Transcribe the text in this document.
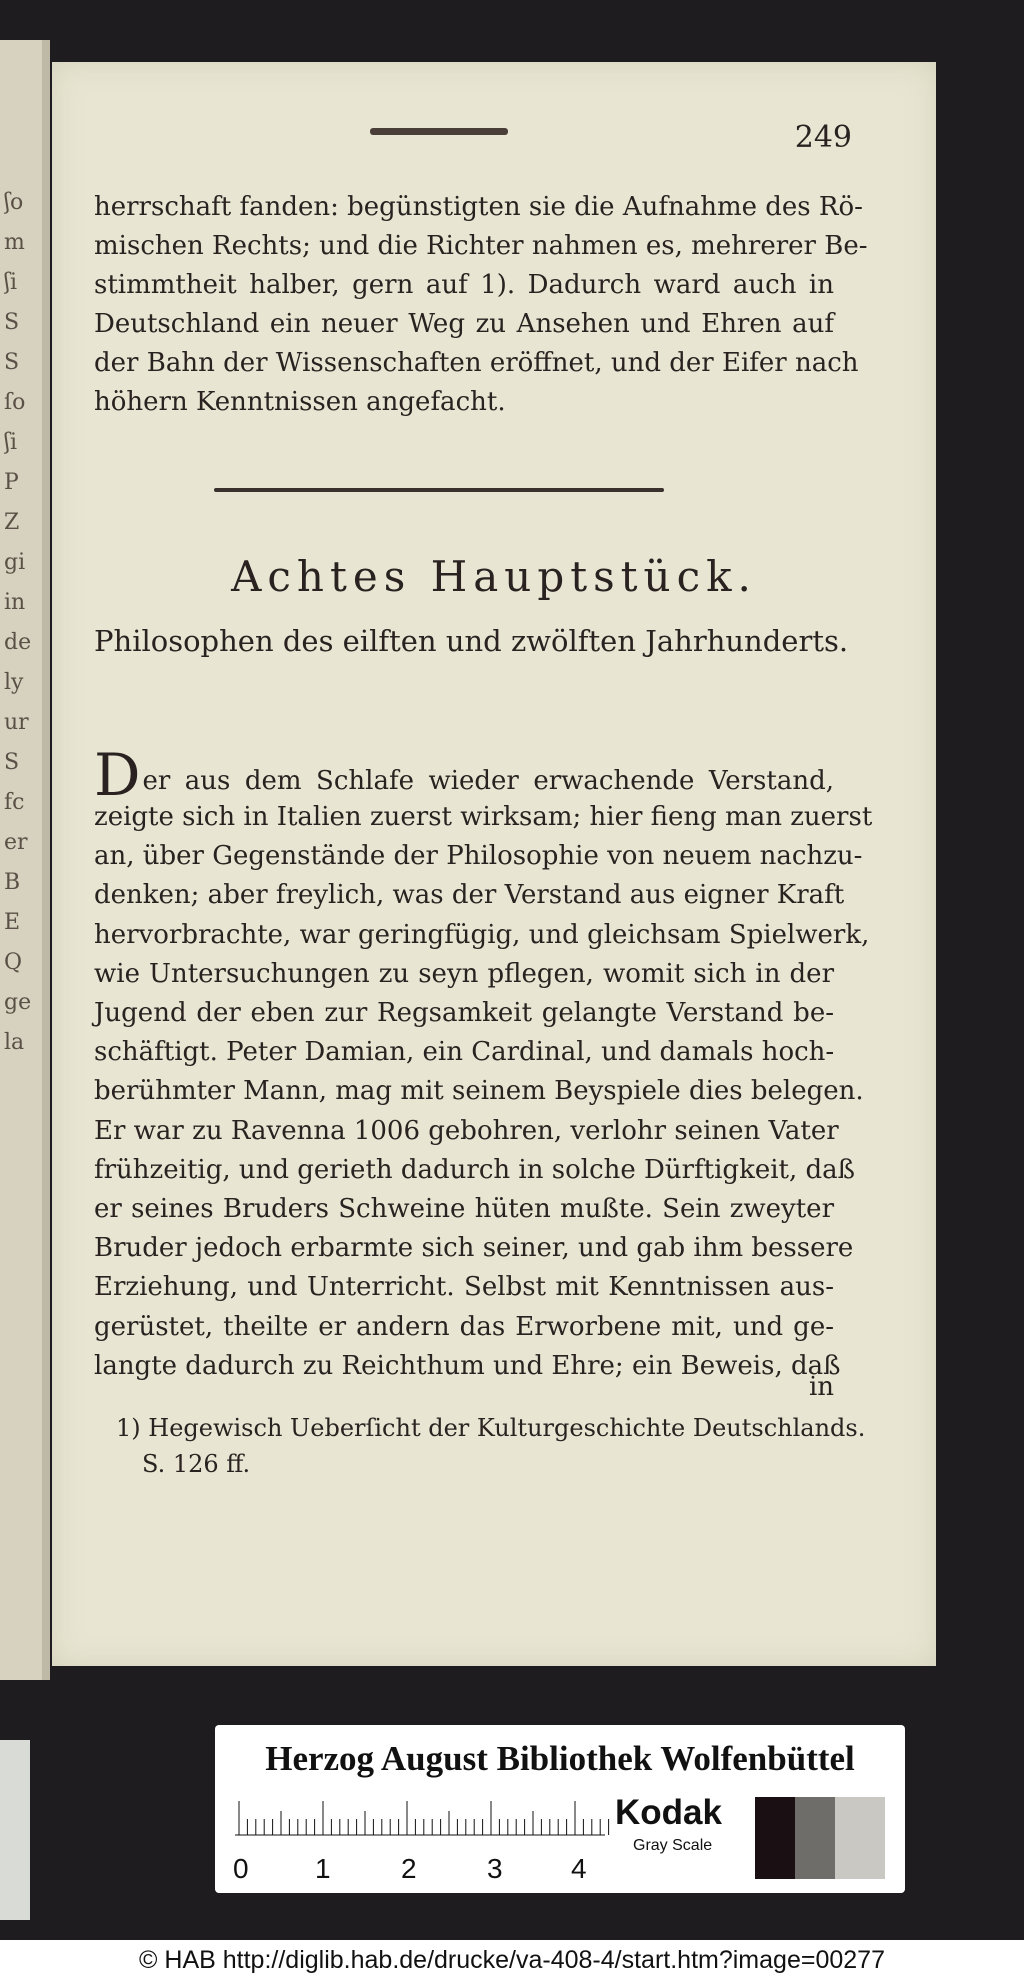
ʃo
m
ʃi
S
S
ſo
ʃi
P
Z
gi
in
de
ly
ur
S
fc
er
B
E
Q
ge
la
249
herrschaft fanden: begünstigten sie die Aufnahme des Rö-
mischen Rechts; und die Richter nahmen es, mehrerer Be-
stimmtheit halber, gern auf 1). Dadurch ward auch in
Deutschland ein neuer Weg zu Ansehen und Ehren auf
der Bahn der Wissenschaften eröffnet, und der Eifer nach
höhern Kenntnissen angefacht.
Achtes Hauptstück.
Philosophen des eilften und zwölften Jahrhunderts.
Der aus dem Schlafe wieder erwachende Verstand,
zeigte sich in Italien zuerst wirksam; hier fieng man zuerst
an, über Gegenstände der Philosophie von neuem nachzu-
denken; aber freylich, was der Verstand aus eigner Kraft
hervorbrachte, war geringfügig, und gleichsam Spielwerk,
wie Untersuchungen zu seyn pflegen, womit sich in der
Jugend der eben zur Regsamkeit gelangte Verstand be-
schäftigt. Peter Damian, ein Cardinal, und damals hoch-
berühmter Mann, mag mit seinem Beyspiele dies belegen.
Er war zu Ravenna 1006 gebohren, verlohr seinen Vater
frühzeitig, und gerieth dadurch in solche Dürftigkeit, daß
er seines Bruders Schweine hüten mußte. Sein zweyter
Bruder jedoch erbarmte sich seiner, und gab ihm bessere
Erziehung, und Unterricht. Selbst mit Kenntnissen aus-
gerüstet, theilte er andern das Erworbene mit, und ge-
langte dadurch zu Reichthum und Ehre; ein Beweis, daß
in
1) Hegewisch Ueberſicht der Kulturgeschichte Deutschlands.
S. 126 ff.
Herzog August Bibliothek Wolfenbüttel
0 1	2	3 4
Kodak
Gray Scale
© HAB http://diglib.hab.de/drucke/va-408-4/start.htm?image=00277
